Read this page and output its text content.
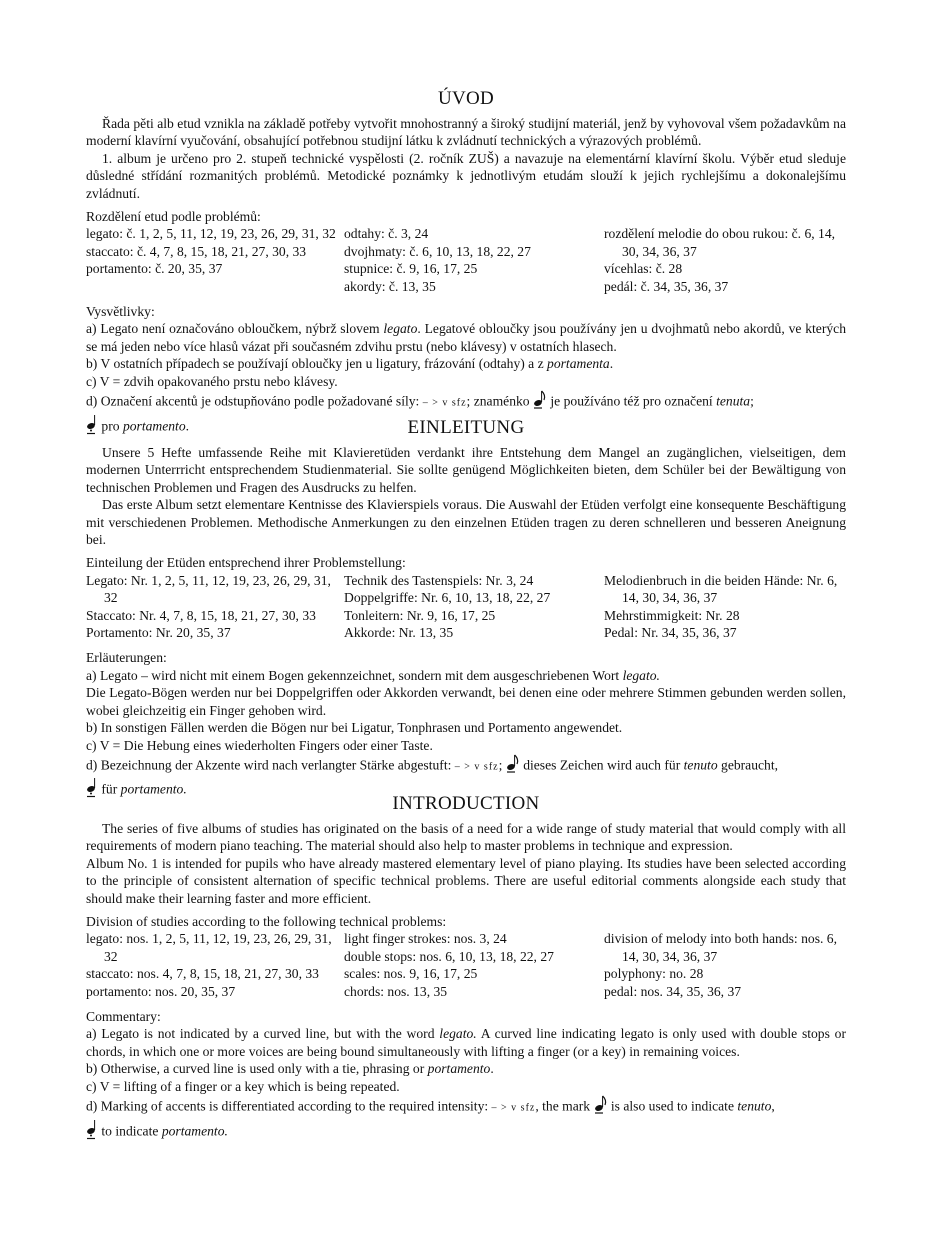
ÚVOD

Řada pěti alb etud vznikla na základě potřeby vytvořit mnohostranný a široký studijní materiál, jenž by vyhovoval všem požadavkům na moderní klavírní vyučování, obsahující potřebnou studijní látku k zvládnutí technických a výrazových problémů.

1. album je určeno pro 2. stupeň technické vyspělosti (2. ročník ZUŠ) a navazuje na elementární klavírní školu. Výběr etud sleduje důsledné střídání rozmanitých problémů. Metodické poznámky k jednotlivým etudám slouží k jejich rychlejšímu a dokonalejšímu zvládnutí.

Rozdělení etud podle problémů:
legato: č. 1, 2, 5, 11, 12, 19, 23, 26, 29, 31, 32
staccato: č. 4, 7, 8, 15, 18, 21, 27, 30, 33
portamento: č. 20, 35, 37
odtahy: č. 3, 24
dvojhmaty: č. 6, 10, 13, 18, 22, 27
stupnice: č. 9, 16, 17, 25
akordy: č. 13, 35
rozdělení melodie do obou rukou: č. 6, 14, 30, 34, 36, 37
vícehlas: č. 28
pedál: č. 34, 35, 36, 37
Vysvětlivky:

a) Legato není označováno obloučkem, nýbrž slovem legato. Legatové obloučky jsou používány jen u dvojhmatů nebo akordů, ve kterých se má jeden nebo více hlasů vázat při současném zdvihu prstu (nebo klávesy) v ostatních hlasech.

b) V ostatních případech se používají obloučky jen u ligatury, frázování (odtahy) a z portamenta.

c) V = zdvih opakovaného prstu nebo klávesy.

d) Označení akcentů je odstupňováno podle požadované síly: – > v sfz; znaménko je používáno též pro označení tenuta;

pro portamento.	EINLEITUNG

Unsere 5 Hefte umfassende Reihe mit Klavieretüden verdankt ihre Entstehung dem Mangel an zugänglichen, vielseitigen, dem modernen Unterrricht entsprechendem Studienmaterial. Sie sollte genügend Möglichkeiten bieten, dem Schüler bei der Bewältigung von technischen Problemen und Fragen des Ausdrucks zu helfen.

Das erste Album setzt elementare Kentnisse des Klavierspiels voraus. Die Auswahl der Etüden verfolgt eine konsequente Beschäftigung mit verschiedenen Problemen. Methodische Anmerkungen zu den einzelnen Etüden tragen zu deren schnelleren und besseren Aneignung bei.

Einteilung der Etüden entsprechend ihrer Problemstellung:
Legato: Nr. 1, 2, 5, 11, 12, 19, 23, 26, 29, 31, 32
Staccato: Nr. 4, 7, 8, 15, 18, 21, 27, 30, 33
Portamento: Nr. 20, 35, 37
Technik des Tastenspiels: Nr. 3, 24
Doppelgriffe: Nr. 6, 10, 13, 18, 22, 27
Tonleitern: Nr. 9, 16, 17, 25
Akkorde: Nr. 13, 35
Melodienbruch in die beiden Hände: Nr. 6, 14, 30, 34, 36, 37
Mehrstimmigkeit: Nr. 28
Pedal: Nr. 34, 35, 36, 37
Erläuterungen:

a) Legato – wird nicht mit einem Bogen gekennzeichnet, sondern mit dem ausgeschriebenen Wort legato.

Die Legato-Bögen werden nur bei Doppelgriffen oder Akkorden verwandt, bei denen eine oder mehrere Stimmen gebunden werden sollen, wobei gleichzeitig ein Finger gehoben wird.

b) In sonstigen Fällen werden die Bögen nur bei Ligatur, Tonphrasen und Portamento angewendet.

c) V = Die Hebung eines wiederholten Fingers oder einer Taste.

d) Bezeichnung der Akzente wird nach verlangter Stärke abgestuft: – > v sfz; dieses Zeichen wird auch für tenuto gebraucht,

für portamento.

INTRODUCTION

The series of five albums of studies has originated on the basis of a need for a wide range of study material that would comply with all requirements of modern piano teaching. The material should also help to master problems in technique and expression.

Album No. 1 is intended for pupils who have already mastered elementary level of piano playing. Its studies have been selected according to the principle of consistent alternation of specific technical problems. There are useful editorial comments alongside each study that should make their learning faster and more efficient.

Division of studies according to the following technical problems:
legato: nos. 1, 2, 5, 11, 12, 19, 23, 26, 29, 31, 32
staccato: nos. 4, 7, 8, 15, 18, 21, 27, 30, 33
portamento: nos. 20, 35, 37
light finger strokes: nos. 3, 24
double stops: nos. 6, 10, 13, 18, 22, 27
scales: nos. 9, 16, 17, 25
chords: nos. 13, 35
division of melody into both hands: nos. 6, 14, 30, 34, 36, 37
polyphony: no. 28
pedal: nos. 34, 35, 36, 37
Commentary:

a) Legato is not indicated by a curved line, but with the word legato. A curved line indicating legato is only used with double stops or chords, in which one or more voices are being bound simultaneously with lifting a finger (or a key) in remaining voices.

b) Otherwise, a curved line is used only with a tie, phrasing or portamento.

c) V = lifting of a finger or a key which is being repeated.

d) Marking of accents is differentiated according to the required intensity: – > v sfz, the mark is also used to indicate tenuto,

to indicate portamento.
